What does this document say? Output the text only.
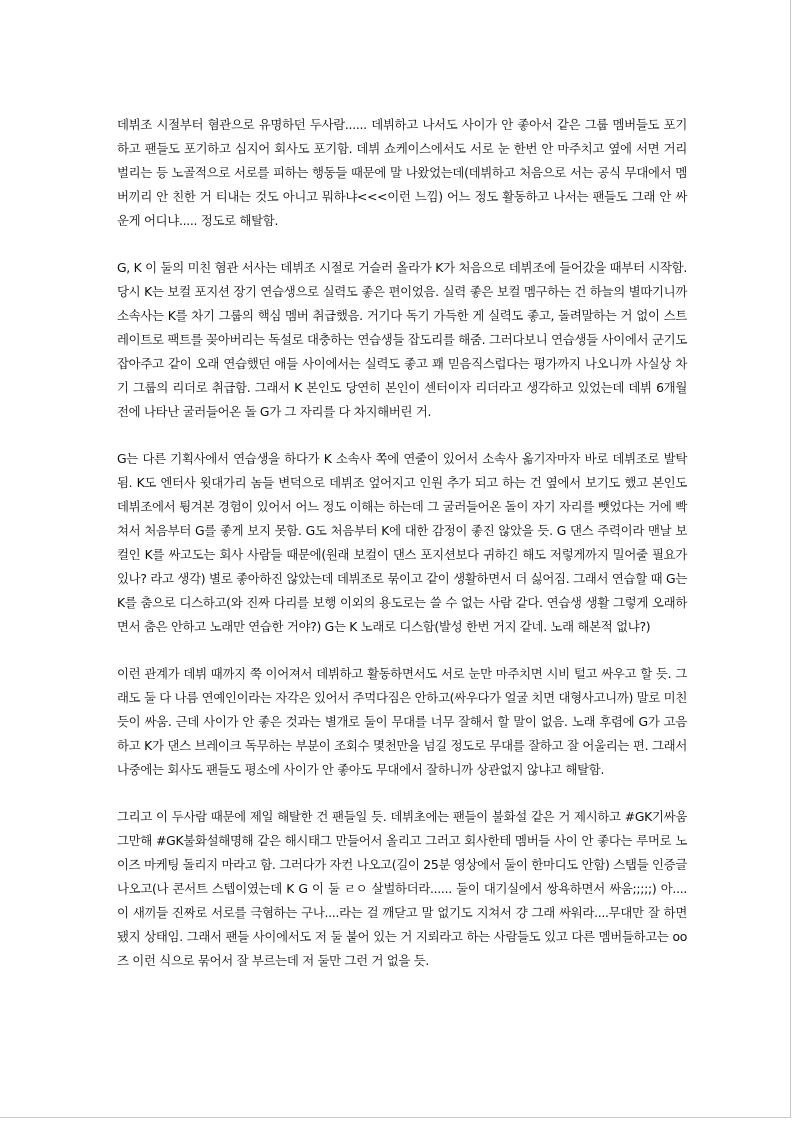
데뷔조 시절부터 혐관으로 유명하던 두사람...... 데뷔하고 나서도 사이가 안 좋아서 같은 그룹 멤버들도 포기하고 팬들도 포기하고 심지어 회사도 포기함. 데뷔 쇼케이스에서도 서로 눈 한번 안 마주치고 옆에 서면 거리 벌리는 등 노골적으로 서로를 피하는 행동들 때문에 말 나왔었는데(데뷔하고 처음으로 서는 공식 무대에서 멤버끼리 안 친한 거 티내는 것도 아니고 뭐하냐<<<이런 느낌) 어느 정도 활동하고 나서는 팬들도 그래 안 싸운게 어디냐..... 정도로 해탈함.

G, K 이 둘의 미친 혐관 서사는 데뷔조 시절로 거슬러 올라가 K가 처음으로 데뷔조에 들어갔을 때부터 시작함. 당시 K는 보컬 포지션 장기 연습생으로 실력도 좋은 편이었음. 실력 좋은 보컬 멤구하는 건 하늘의 별따기니까 소속사는 K를 차기 그룹의 핵심 멤버 취급했음. 거기다 독기 가득한 게 실력도 좋고, 돌려말하는 거 없이 스트레이트로 팩트를 꽂아버리는 독설로 대충하는 연습생들 잡도리를 해줌. 그러다보니 연습생들 사이에서 군기도 잡아주고 같이 오래 연습했던 애들 사이에서는 실력도 좋고 꽤 믿음직스럽다는 평가까지 나오니까 사실상 차기 그룹의 리더로 취급함. 그래서 K 본인도 당연히 본인이 센터이자 리더라고 생각하고 있었는데 데뷔 6개월 전에 나타난 굴러들어온 돌 G가 그 자리를 다 차지해버린 거.

G는 다른 기획사에서 연습생을 하다가 K 소속사 쪽에 연줄이 있어서 소속사 옮기자마자 바로 데뷔조로 발탁됨. K도 엔터사 윗대가리 놈들 변덕으로 데뷔조 엎어지고 인원 추가 되고 하는 건 옆에서 보기도 했고 본인도 데뷔조에서 튕겨본 경험이 있어서 어느 정도 이해는 하는데 그 굴러들어온 돌이 자기 자리를 뺏었다는 거에 빡쳐서 처음부터 G를 좋게 보지 못함. G도 처음부터 K에 대한 감정이 좋진 않았을 듯. G 댄스 주력이라 맨날 보컬인 K를 싸고도는 회사 사람들 때문에(원래 보컬이 댄스 포지션보다 귀하긴 해도 저렇게까지 밀어줄 필요가 있나? 라고 생각) 별로 좋아하진 않았는데 데뷔조로 묶이고 같이 생활하면서 더 싫어짐. 그래서 연습할 때 G는 K를 춤으로 디스하고(와 진짜 다리를 보행 이외의 용도로는 쓸 수 없는 사람 같다. 연습생 생활 그렇게 오래하면서 춤은 안하고 노래만 연습한 거야?) G는 K 노래로 디스함(발성 한번 거지 같네. 노래 해본적 없냐?)

이런 관계가 데뷔 때까지 쭉 이어져서 데뷔하고 활동하면서도 서로 눈만 마주치면 시비 털고 싸우고 할 듯. 그래도 둘 다 나름 연예인이라는 자각은 있어서 주먹다짐은 안하고(싸우다가 얼굴 치면 대형사고니까) 말로 미친 듯이 싸움. 근데 사이가 안 좋은 것과는 별개로 둘이 무대를 너무 잘해서 할 말이 없음. 노래 후렴에 G가 고음하고 K가 댄스 브레이크 독무하는 부분이 조회수 몇천만을 넘길 정도로 무대를 잘하고 잘 어울리는 편. 그래서 나중에는 회사도 팬들도 평소에 사이가 안 좋아도 무대에서 잘하니까 상관없지 않냐고 해탈함.

그리고 이 두사람 때문에 제일 해탈한 건 팬들일 듯. 데뷔초에는 팬들이 불화설 같은 거 제시하고 #GK기싸움그만해 #GK불화설해명해 같은 해시태그 만들어서 올리고 그러고 회사한테 멤버들 사이 안 좋다는 루머로 노이즈 마케팅 돌리지 마라고 함. 그러다가 자컨 나오고(길이 25분 영상에서 둘이 한마디도 안함) 스탭들 인증글 나오고(나 콘서트 스텝이였는데 K G 이 둘 ㄹㅇ 살벌하더라...... 둘이 대기실에서 쌍욕하면서 싸움;;;;;) 아....이 새끼들 진짜로 서로를 극혐하는 구나....라는 걸 깨닫고 말 없기도 지쳐서 걍 그래 싸워라....무대만 잘 하면 됐지 상태임. 그래서 팬들 사이에서도 저 둘 붙어 있는 거 지뢰라고 하는 사람들도 있고 다른 멤버들하고는 oo즈 이런 식으로 묶어서 잘 부르는데 저 둘만 그런 거 없을 듯.
